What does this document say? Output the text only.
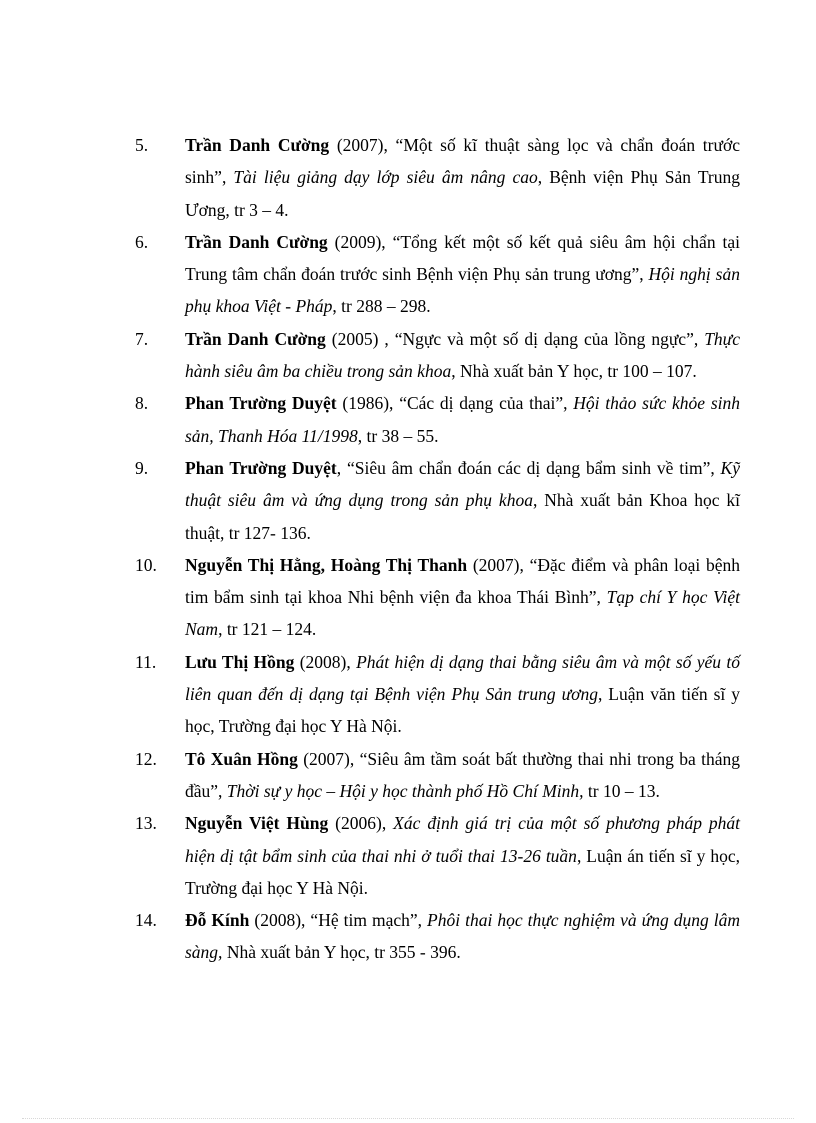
5. Trần Danh Cường (2007), “Một số kĩ thuật sàng lọc và chẩn đoán trước sinh”, Tài liệu giảng dạy lớp siêu âm nâng cao, Bệnh viện Phụ Sản Trung Ương, tr 3 – 4.
6. Trần Danh Cường (2009), “Tổng kết một số kết quả siêu âm hội chẩn tại Trung tâm chẩn đoán trước sinh Bệnh viện Phụ sản trung ương”, Hội nghị sản phụ khoa Việt - Pháp, tr 288 – 298.
7. Trần Danh Cường (2005) , “Ngực và một số dị dạng của lồng ngực”, Thực hành siêu âm ba chiều trong sản khoa, Nhà xuất bản Y học, tr 100 – 107.
8. Phan Trường Duyệt (1986), “Các dị dạng của thai”, Hội thảo sức khỏe sinh sản, Thanh Hóa 11/1998, tr 38 – 55.
9. Phan Trường Duyệt, “Siêu âm chẩn đoán các dị dạng bẩm sinh về tim”, Kỹ thuật siêu âm và ứng dụng trong sản phụ khoa, Nhà xuất bản Khoa học kĩ thuật, tr 127- 136.
10. Nguyễn Thị Hằng, Hoàng Thị Thanh (2007), “Đặc điểm và phân loại bệnh tim bẩm sinh tại khoa Nhi bệnh viện đa khoa Thái Bình”, Tạp chí Y học Việt Nam, tr 121 – 124.
11. Lưu Thị Hồng (2008), Phát hiện dị dạng thai bằng siêu âm và một số yếu tố liên quan đến dị dạng tại Bệnh viện Phụ Sản trung ương, Luận văn tiến sĩ y học, Trường đại học Y Hà Nội.
12. Tô Xuân Hồng (2007), “Siêu âm tầm soát bất thường thai nhi trong ba tháng đầu”, Thời sự y học – Hội y học thành phố Hồ Chí Minh, tr 10 – 13.
13. Nguyễn Việt Hùng (2006), Xác định giá trị của một số phương pháp phát hiện dị tật bẩm sinh của thai nhi ở tuổi thai 13-26 tuần, Luận án tiến sĩ y học, Trường đại học Y Hà Nội.
14. Đỗ Kính (2008), “Hệ tim mạch”, Phôi thai học thực nghiệm và ứng dụng lâm sàng, Nhà xuất bản Y học, tr 355 - 396.
